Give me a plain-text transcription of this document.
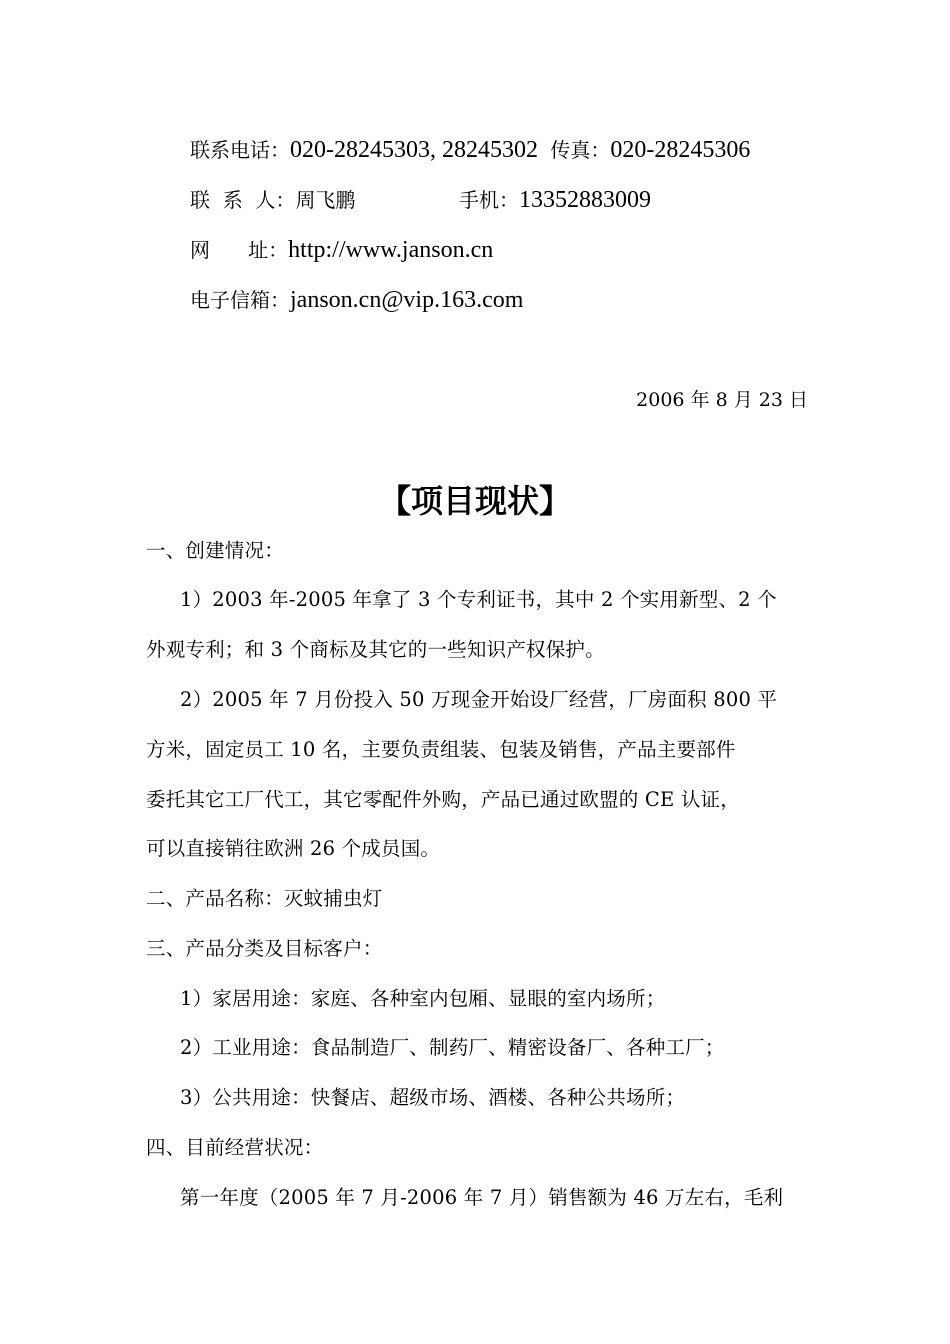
联系电话：020-28245303, 28245302 传真：020-28245306
联  系  人：周飞鹏	手机：13352883009
网      址：http://www.janson.cn
电子信箱：janson.cn@vip.163.com
2006 年 8 月 23 日
【项目现状】
一、创建情况：
1）2003 年-2005 年拿了 3 个专利证书，其中 2 个实用新型、2 个
外观专利；和 3 个商标及其它的一些知识产权保护。
2）2005 年 7 月份投入 50 万现金开始设厂经营，厂房面积 800 平
方米，固定员工 10 名，主要负责组装、包装及销售，产品主要部件
委托其它工厂代工，其它零配件外购，产品已通过欧盟的 CE 认证，
可以直接销往欧洲 26 个成员国。
二、产品名称：灭蚊捕虫灯
三、产品分类及目标客户：
1）家居用途：家庭、各种室内包厢、显眼的室内场所；
2）工业用途：食品制造厂、制药厂、精密设备厂、各种工厂；
3）公共用途：快餐店、超级市场、酒楼、各种公共场所；
四、目前经营状况：
第一年度（2005 年 7 月-2006 年 7 月）销售额为 46 万左右，毛利
